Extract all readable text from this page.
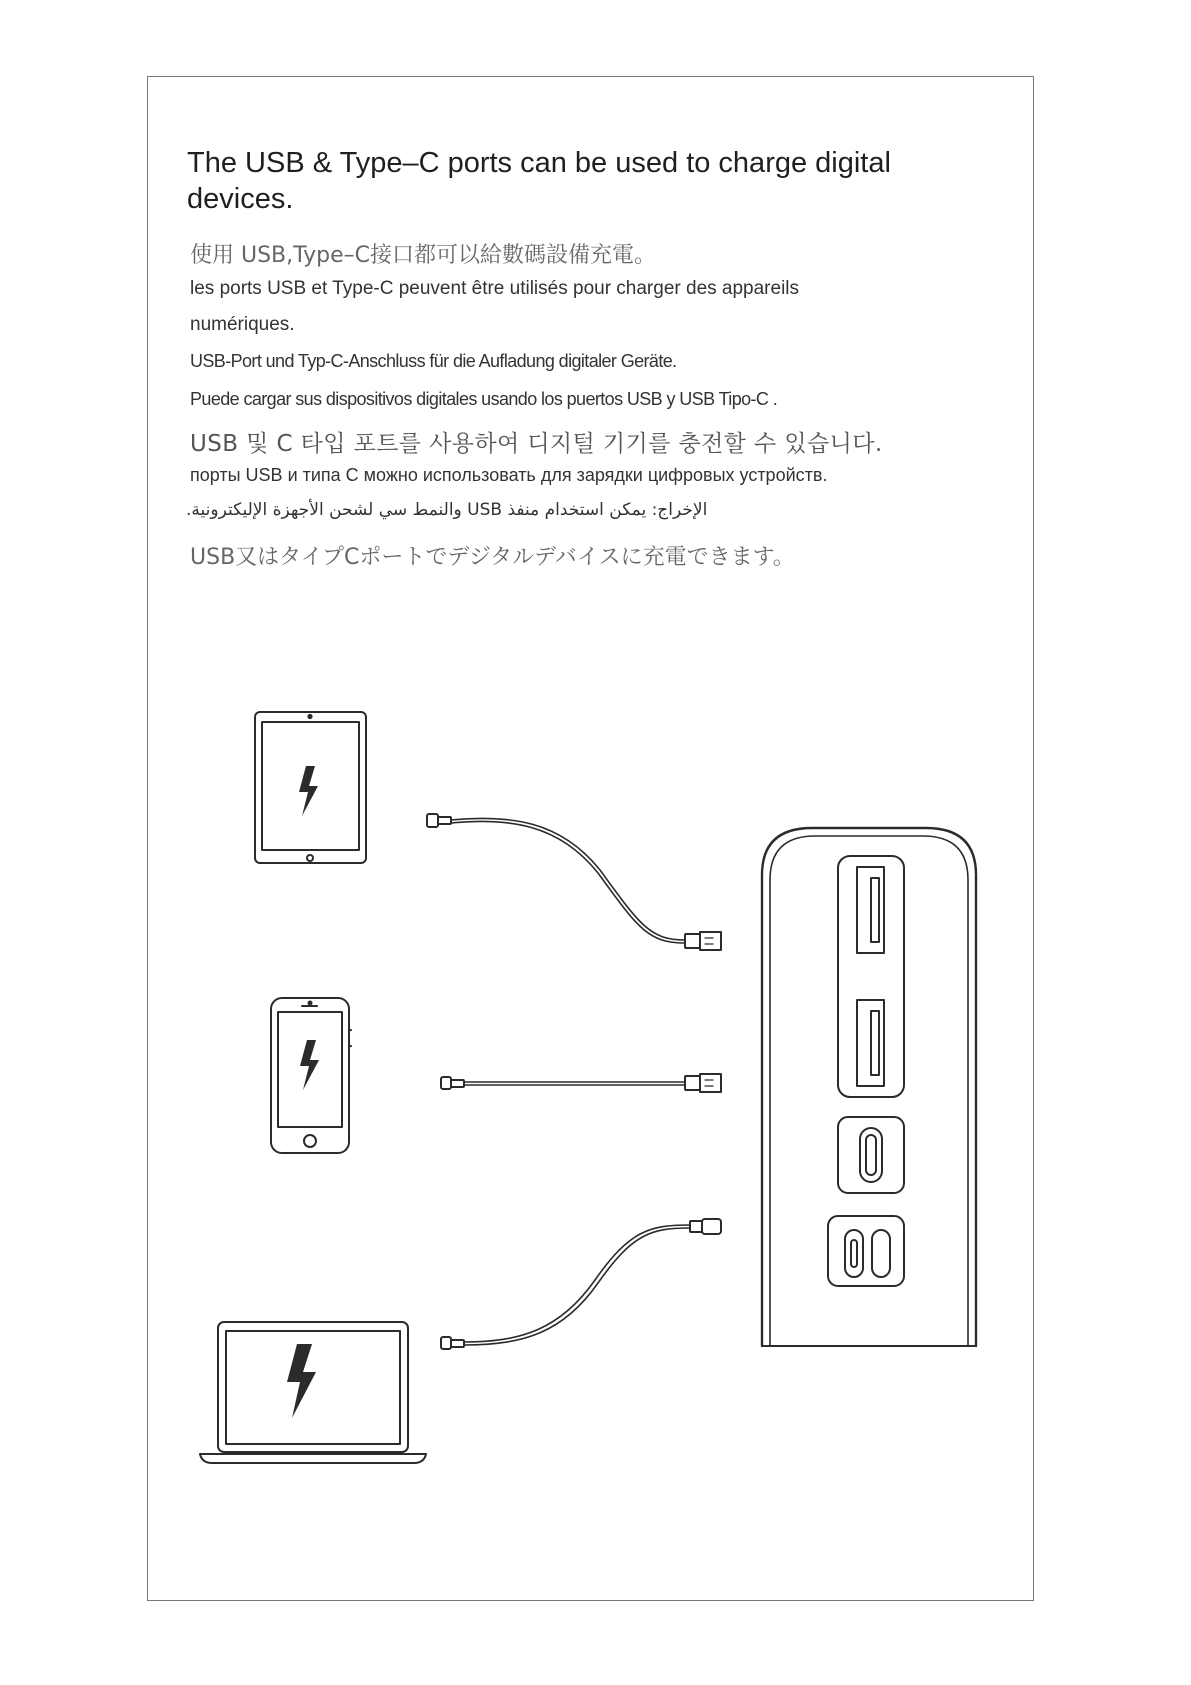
The USB & Type–C ports can be used to charge digital devices.
使用 USB,Type–C接口都可以給數碼設備充電。
les ports USB et Type-C peuvent être utilisés pour charger des appareils
numériques.
USB-Port und Typ-C-Anschluss für die Aufladung digitaler Geräte.
Puede cargar sus dispositivos digitales usando los puertos USB y USB Tipo-C .
USB 및 C 타입 포트를 사용하여 디지털 기기를 충전할 수 있습니다.
порты USB и типа C можно использовать для зарядки цифровых устройств.
الإخراج: يمكن استخدام منفذ USB والنمط سي لشحن الأجهزة الإليكترونية.
USB又はタイプCポートでデジタルデバイスに充電できます。
